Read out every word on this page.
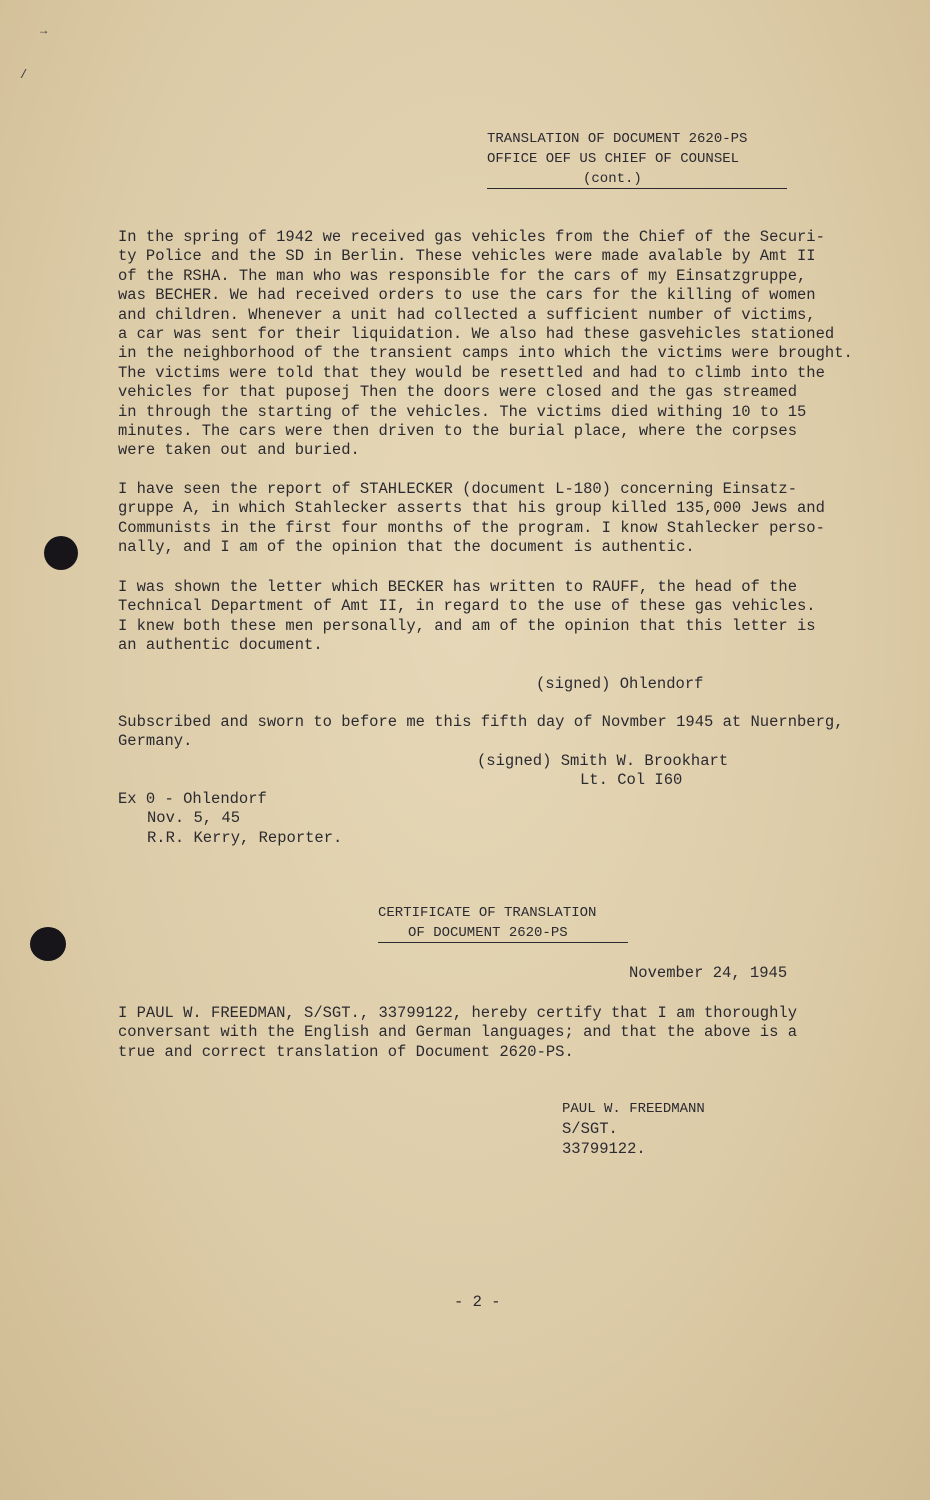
→
/
TRANSLATION OF DOCUMENT 2620-PS
OFFICE OEF US CHIEF OF COUNSEL
(cont.)
In the spring of 1942 we received gas vehicles from the Chief of the Securi-
ty Police and the SD in Berlin. These vehicles were made avalable by Amt II
of the RSHA. The man who was responsible for the cars of my Einsatzgruppe,
was BECHER. We had received orders to use the cars for the killing of women
and children. Whenever a unit had collected a sufficient number of victims,
a car was sent for their liquidation. We also had these gasvehicles stationed
in the neighborhood of the transient camps into which the victims were brought.
The victims were told that they would be resettled and had to climb into the
vehicles for that puposej Then the doors were closed and the gas streamed
in through the starting of the vehicles. The victims died withing 10 to 15
minutes. The cars were then driven to the burial place, where the corpses
were taken out and buried.
I have seen the report of STAHLECKER (document L-180) concerning Einsatz-
gruppe A, in which Stahlecker asserts that his group killed 135,000 Jews and
Communists in the first four months of the program. I know Stahlecker perso-
nally, and I am of the opinion that the document is authentic.
I was shown the letter which BECKER has written to RAUFF, the head of the
Technical Department of Amt II, in regard to the use of these gas vehicles.
I knew both these men personally, and am of the opinion that this letter is
an authentic document.
(signed) Ohlendorf
Subscribed and sworn to before me this fifth day of Novmber 1945 at Nuernberg,
Germany.
(signed) Smith W. Brookhart
Lt. Col I60
Ex 0 - Ohlendorf
Nov. 5, 45
R.R. Kerry, Reporter.
CERTIFICATE OF TRANSLATION
OF DOCUMENT 2620-PS
November 24, 1945
I PAUL W. FREEDMAN, S/SGT., 33799122, hereby certify that I am thoroughly
conversant with the English and German languages; and that the above is a
true and correct translation of Document 2620-PS.
PAUL W. FREEDMANN
S/SGT.
33799122.
- 2 -
